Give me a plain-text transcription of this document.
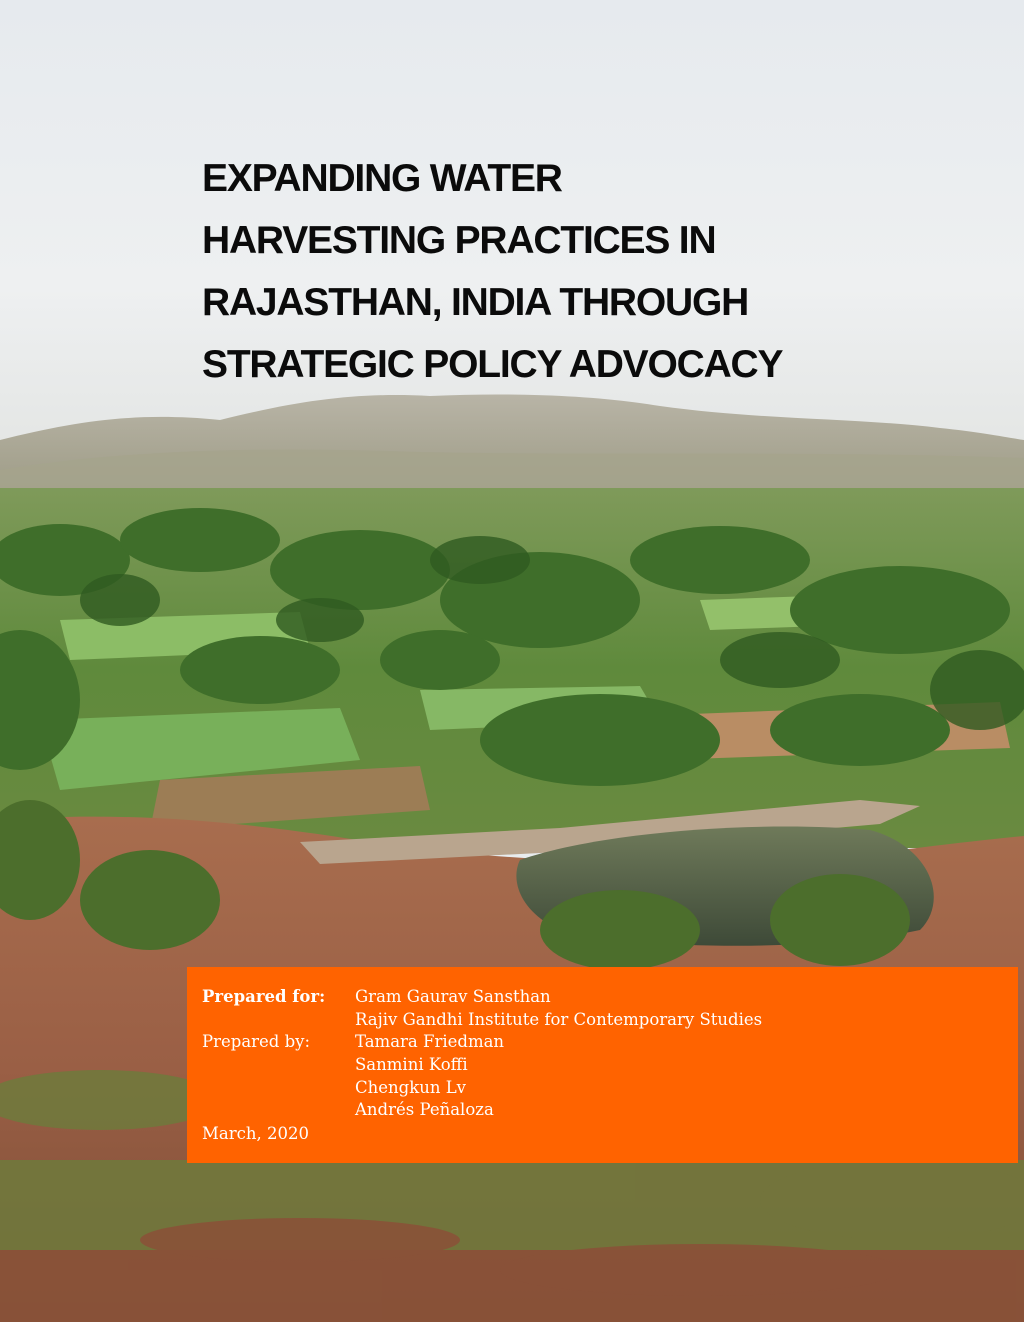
EXPANDING WATER
HARVESTING PRACTICES IN
RAJASTHAN, INDIA THROUGH
STRATEGIC POLICY ADVOCACY
Prepared for: Gram Gaurav Sansthan
Rajiv Gandhi Institute for Contemporary Studies
Prepared by:	Tamara Friedman
Sanmini Koffi
Chengkun Lv
Andrés Peñaloza
March, 2020
